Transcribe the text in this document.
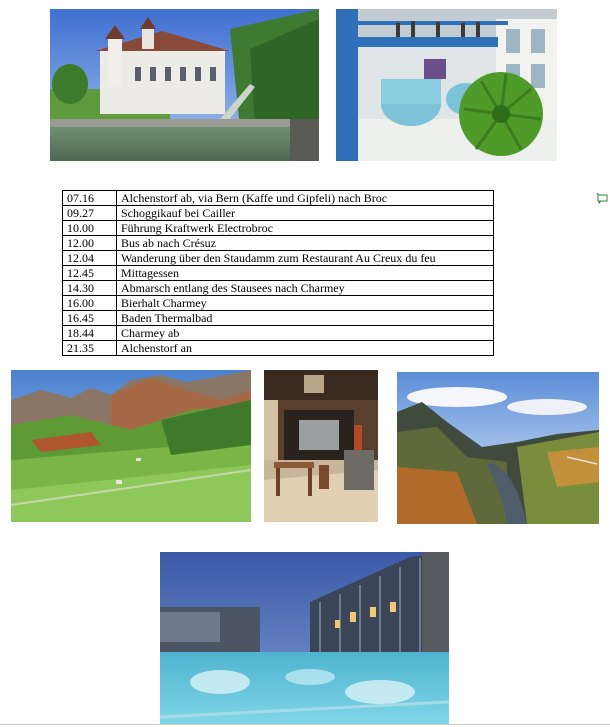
07.16	Alchenstorf ab, via Bern (Kaffe und Gipfeli) nach Broc
09.27	Schoggikauf bei Cailler
10.00	Führung Kraftwerk Electrobroc
12.00	Bus ab nach Crésuz
12.04	Wanderung über den Staudamm zum Restaurant Au Creux du feu
12.45	Mittagessen
14.30	Abmarsch entlang des Stausees nach Charmey
16.00	Bierhalt Charmey
16.45	Baden Thermalbad
18.44	Charmey ab
21.35	Alchenstorf an
